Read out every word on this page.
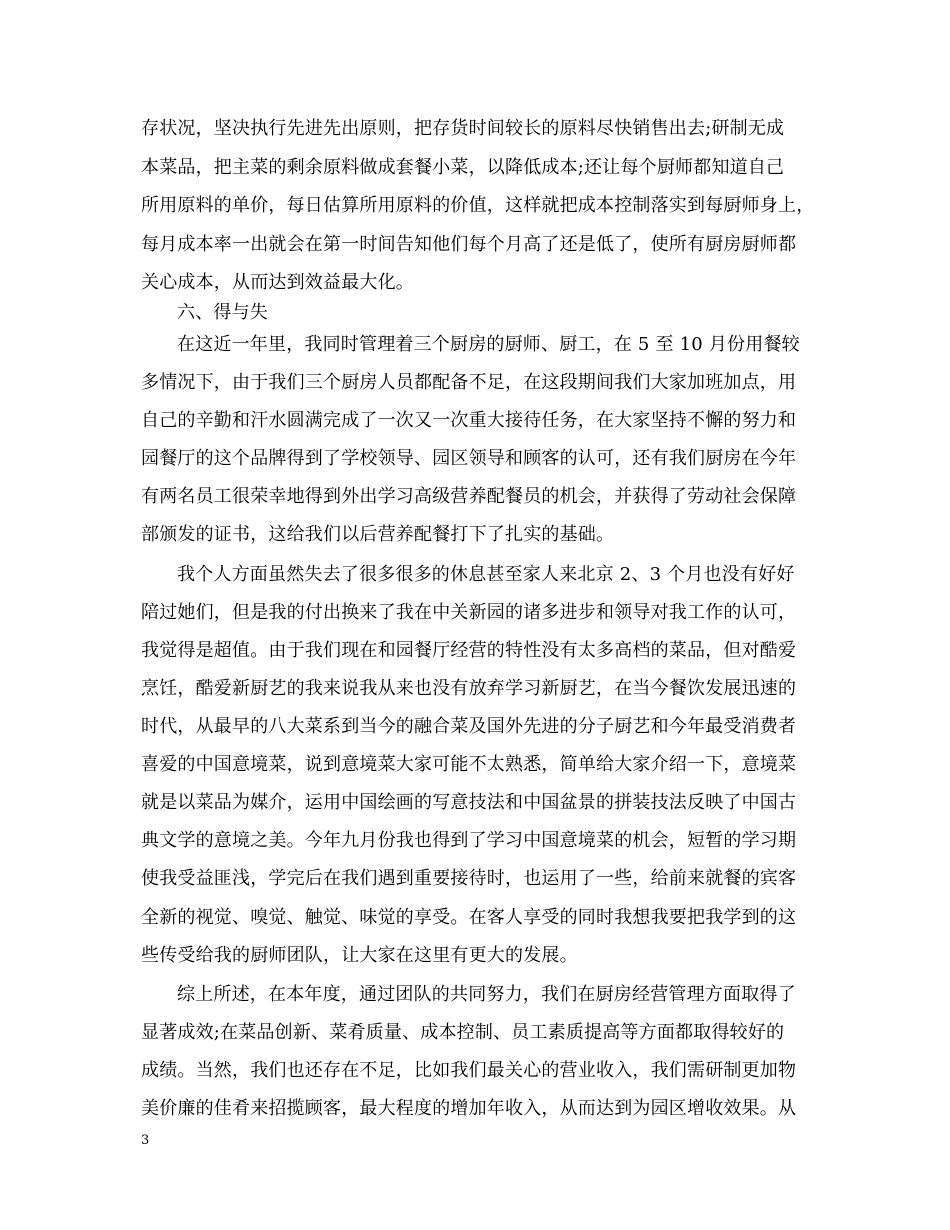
存状况，坚决执行先进先出原则，把存货时间较长的原料尽快销售出去;研制无成
本菜品，把主菜的剩余原料做成套餐小菜，以降低成本;还让每个厨师都知道自己
所用原料的单价，每日估算所用原料的价值，这样就把成本控制落实到每厨师身上，
每月成本率一出就会在第一时间告知他们每个月高了还是低了，使所有厨房厨师都
关心成本，从而达到效益最大化。
六、得与失
在这近一年里，我同时管理着三个厨房的厨师、厨工，在 5 至 10 月份用餐较
多情况下，由于我们三个厨房人员都配备不足，在这段期间我们大家加班加点，用
自己的辛勤和汗水圆满完成了一次又一次重大接待任务，在大家坚持不懈的努力和
园餐厅的这个品牌得到了学校领导、园区领导和顾客的认可，还有我们厨房在今年
有两名员工很荣幸地得到外出学习高级营养配餐员的机会，并获得了劳动社会保障
部颁发的证书，这给我们以后营养配餐打下了扎实的基础。
我个人方面虽然失去了很多很多的休息甚至家人来北京 2、3 个月也没有好好
陪过她们，但是我的付出换来了我在中关新园的诸多进步和领导对我工作的认可，
我觉得是超值。由于我们现在和园餐厅经营的特性没有太多高档的菜品，但对酷爱
烹饪，酷爱新厨艺的我来说我从来也没有放弃学习新厨艺，在当今餐饮发展迅速的
时代，从最早的八大菜系到当今的融合菜及国外先进的分子厨艺和今年最受消费者
喜爱的中国意境菜，说到意境菜大家可能不太熟悉，简单给大家介绍一下，意境菜
就是以菜品为媒介，运用中国绘画的写意技法和中国盆景的拼装技法反映了中国古
典文学的意境之美。今年九月份我也得到了学习中国意境菜的机会，短暂的学习期
使我受益匪浅，学完后在我们遇到重要接待时，也运用了一些，给前来就餐的宾客
全新的视觉、嗅觉、触觉、味觉的享受。在客人享受的同时我想我要把我学到的这
些传受给我的厨师团队，让大家在这里有更大的发展。
综上所述，在本年度，通过团队的共同努力，我们在厨房经营管理方面取得了
显著成效;在菜品创新、菜肴质量、成本控制、员工素质提高等方面都取得较好的
成绩。当然，我们也还存在不足，比如我们最关心的营业收入，我们需研制更加物
美价廉的佳肴来招揽顾客，最大程度的增加年收入，从而达到为园区增收效果。从
3
